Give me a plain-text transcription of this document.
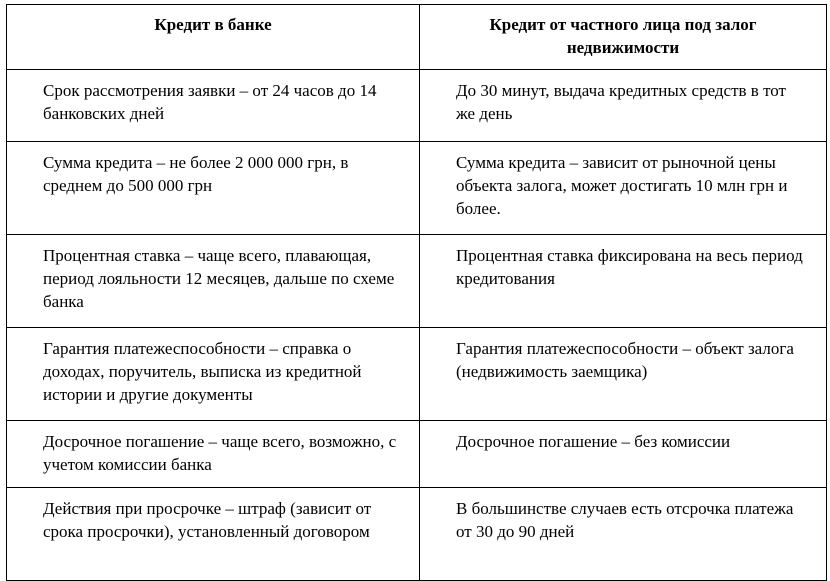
Кредит в банке	Кредит от частного лица под залог недвижимости
Срок рассмотрения заявки – от 24 часов до 14 банковских дней	До 30 минут, выдача кредитных средств в тот же день
Сумма кредита – не более 2 000 000 грн, в среднем до 500 000 грн	Сумма кредита – зависит от рыночной цены объекта залога, может достигать 10 млн грн и более.
Процентная ставка – чаще всего, плавающая, период лояльности 12 месяцев, дальше по схеме банка	Процентная ставка фиксирована на весь период кредитования
Гарантия платежеспособности – справка о доходах, поручитель, выписка из кредитной истории и другие документы	Гарантия платежеспособности – объект залога (недвижимость заемщика)
Досрочное погашение – чаще всего, возможно, с учетом комиссии банка	Досрочное погашение – без комиссии
Действия при просрочке – штраф (зависит от срока просрочки), установленный договором	В большинстве случаев есть отсрочка платежа от 30 до 90 дней
